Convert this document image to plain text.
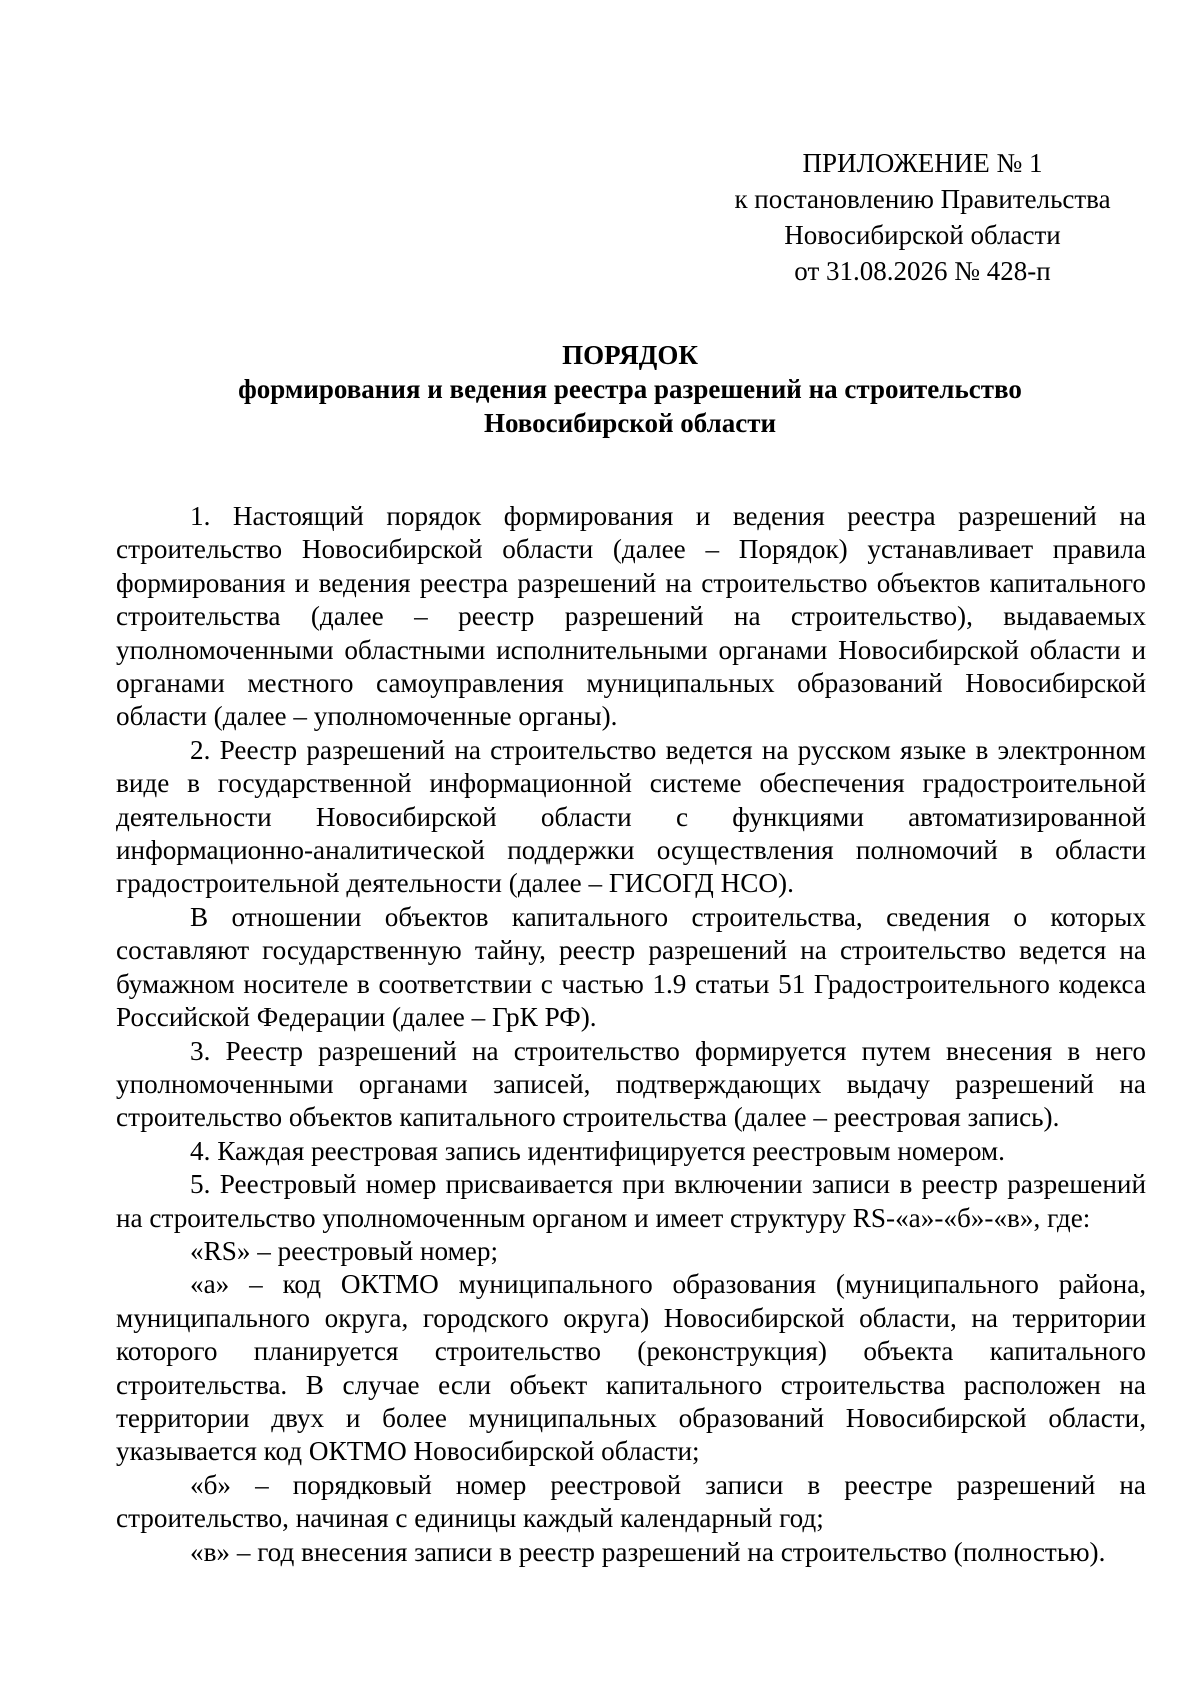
ПРИЛОЖЕНИЕ № 1
к постановлению Правительства
Новосибирской области
от 31.08.2026 № 428-п
ПОРЯДОК
формирования и ведения реестра разрешений на строительство
Новосибирской области

1. Настоящий порядок формирования и ведения реестра разрешений на строительство Новосибирской области (далее – Порядок) устанавливает правила формирования и ведения реестра разрешений на строительство объектов капитального строительства (далее – реестр разрешений на строительство), выдаваемых уполномоченными областными исполнительными органами Новосибирской области и органами местного самоуправления муниципальных образований Новосибирской области (далее – уполномоченные органы).

2. Реестр разрешений на строительство ведется на русском языке в электронном виде в государственной информационной системе обеспечения градостроительной деятельности Новосибирской области с функциями автоматизированной информационно-аналитической поддержки осуществления полномочий в области градостроительной деятельности (далее – ГИСОГД НСО).

В отношении объектов капитального строительства, сведения о которых составляют государственную тайну, реестр разрешений на строительство ведется на бумажном носителе в соответствии с частью 1.9 статьи 51 Градостроительного кодекса Российской Федерации (далее – ГрК РФ).

3. Реестр разрешений на строительство формируется путем внесения в него уполномоченными органами записей, подтверждающих выдачу разрешений на строительство объектов капитального строительства (далее – реестровая запись).

4. Каждая реестровая запись идентифицируется реестровым номером.

5. Реестровый номер присваивается при включении записи в реестр разрешений на строительство уполномоченным органом и имеет структуру RS-«а»-«б»-«в», где:

«RS» – реестровый номер;

«а» – код ОКТМО муниципального образования (муниципального района, муниципального округа, городского округа) Новосибирской области, на территории которого планируется строительство (реконструкция) объекта капитального строительства. В случае если объект капитального строительства расположен на территории двух и более муниципальных образований Новосибирской области, указывается код ОКТМО Новосибирской области;

«б» – порядковый номер реестровой записи в реестре разрешений на строительство, начиная с единицы каждый календарный год;

«в» – год внесения записи в реестр разрешений на строительство (полностью).
